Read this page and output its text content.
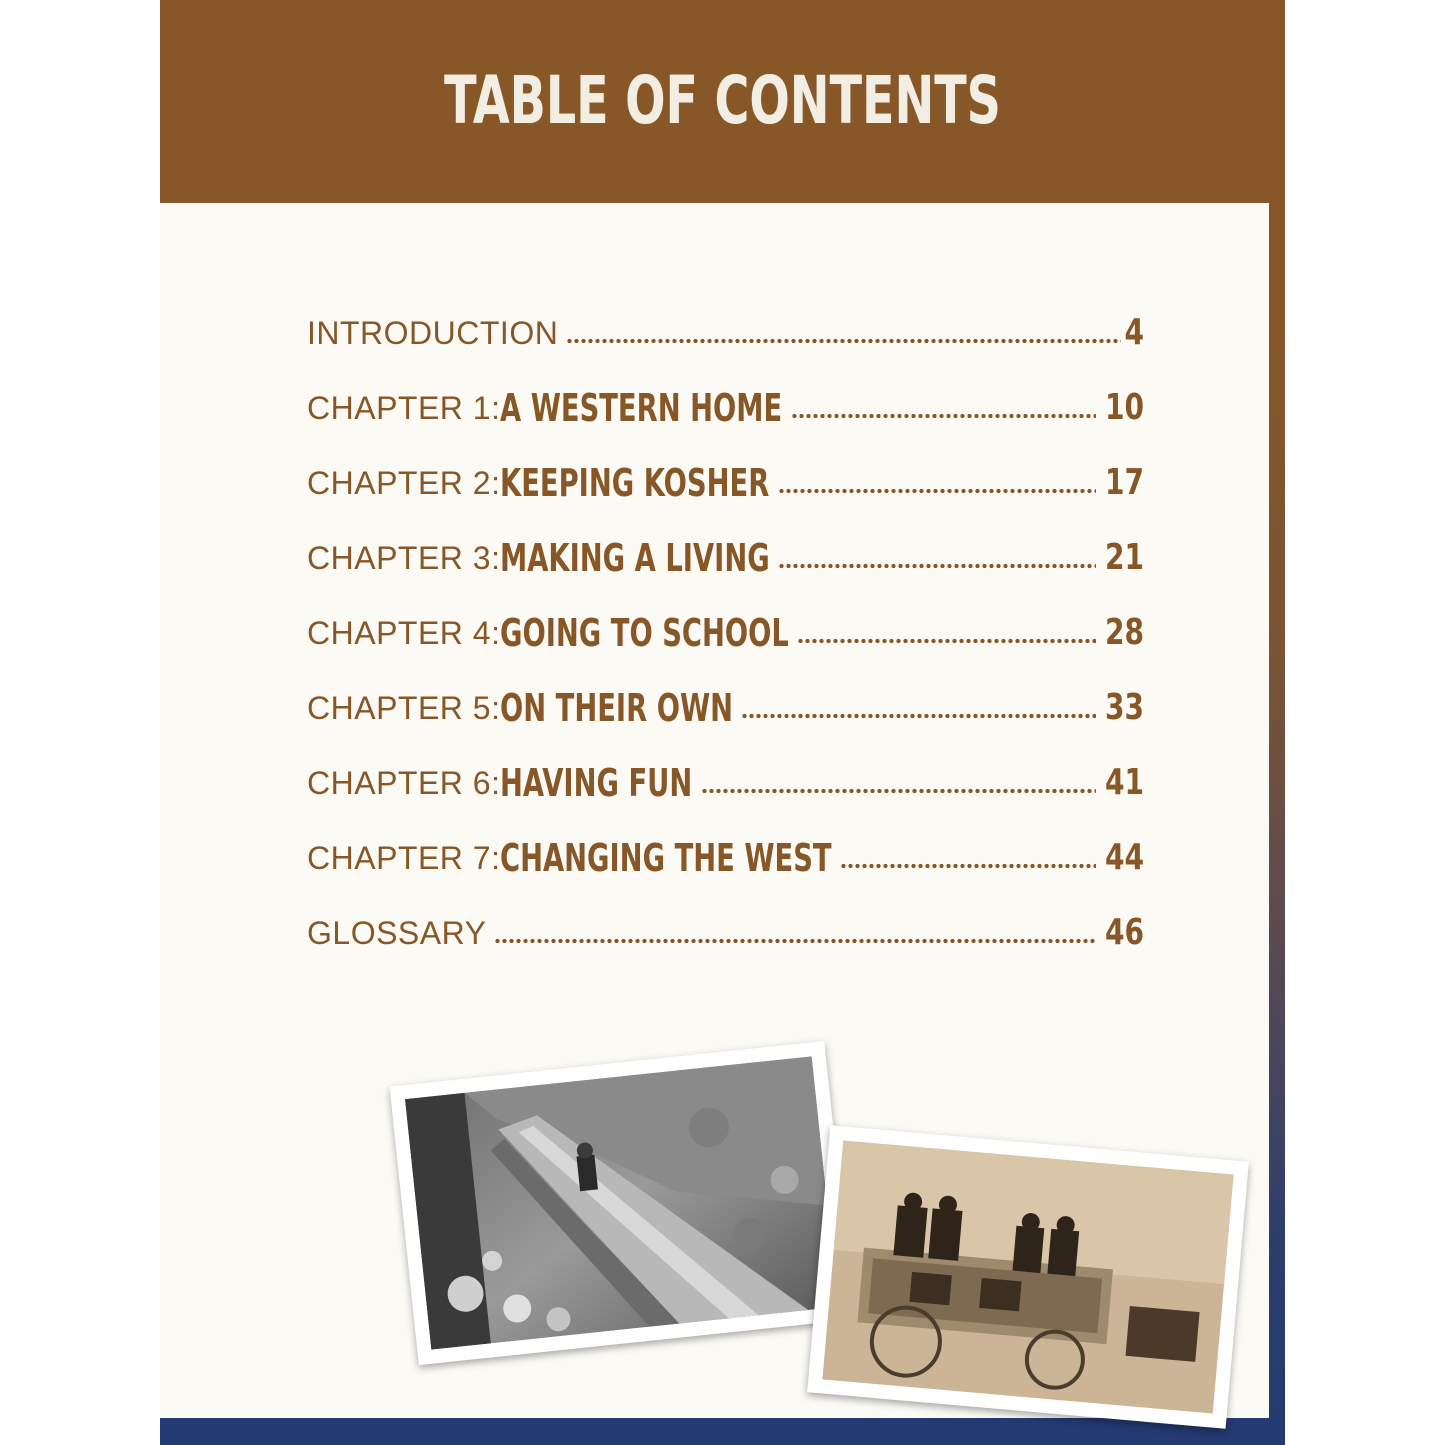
TABLE OF CONTENTS
INTRODUCTION	4
CHAPTER 1: A WESTERN HOME	10
CHAPTER 2: KEEPING KOSHER	17
CHAPTER 3: MAKING A LIVING	21
CHAPTER 4: GOING TO SCHOOL	28
CHAPTER 5: ON THEIR OWN	33
CHAPTER 6: HAVING FUN	41
CHAPTER 7: CHANGING THE WEST	44
GLOSSARY	46
